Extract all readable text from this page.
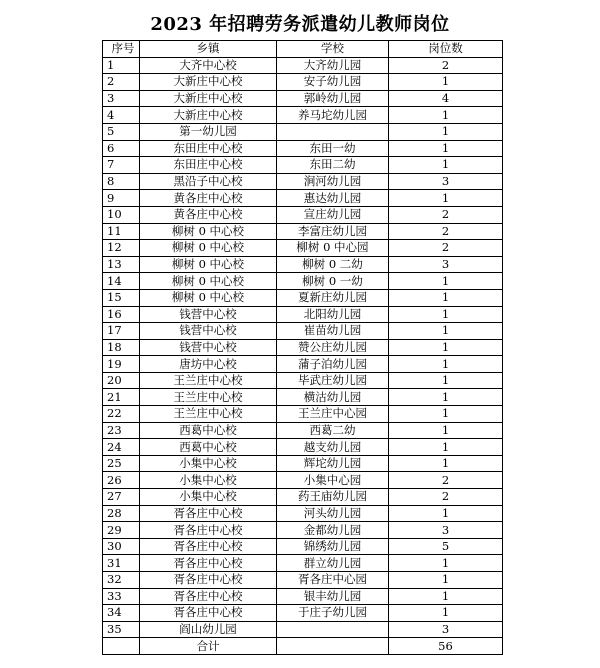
2023 年招聘劳务派遣幼儿教师岗位
序号	乡镇	学校	岗位数
1	大齐中心校	大齐幼儿园	2
2	大新庄中心校	安子幼儿园	1
3	大新庄中心校	郭岭幼儿园	4
4	大新庄中心校	养马坨幼儿园	1
5	第一幼儿园		1
6	东田庄中心校	东田一幼	1
7	东田庄中心校	东田二幼	1
8	黑沿子中心校	涧河幼儿园	3
9	黄各庄中心校	惠达幼儿园	1
10	黄各庄中心校	宣庄幼儿园	2
11	柳树 0 中心校	李富庄幼儿园	2
12	柳树 0 中心校	柳树 0 中心园	2
13	柳树 0 中心校	柳树 0 二幼	3
14	柳树 0 中心校	柳树 0 一幼	1
15	柳树 0 中心校	夏新庄幼儿园	1
16	钱营中心校	北阳幼儿园	1
17	钱营中心校	崔苗幼儿园	1
18	钱营中心校	赞公庄幼儿园	1
19	唐坊中心校	蒲子泊幼儿园	1
20	王兰庄中心校	毕武庄幼儿园	1
21	王兰庄中心校	横沽幼儿园	1
22	王兰庄中心校	王兰庄中心园	1
23	西葛中心校	西葛二幼	1
24	西葛中心校	越支幼儿园	1
25	小集中心校	辉坨幼儿园	1
26	小集中心校	小集中心园	2
27	小集中心校	药王庙幼儿园	2
28	胥各庄中心校	河头幼儿园	1
29	胥各庄中心校	金都幼儿园	3
30	胥各庄中心校	锦绣幼儿园	5
31	胥各庄中心校	群立幼儿园	1
32	胥各庄中心校	胥各庄中心园	1
33	胥各庄中心校	银丰幼儿园	1
34	胥各庄中心校	于庄子幼儿园	1
35	阎山幼儿园		3
	合计		56
